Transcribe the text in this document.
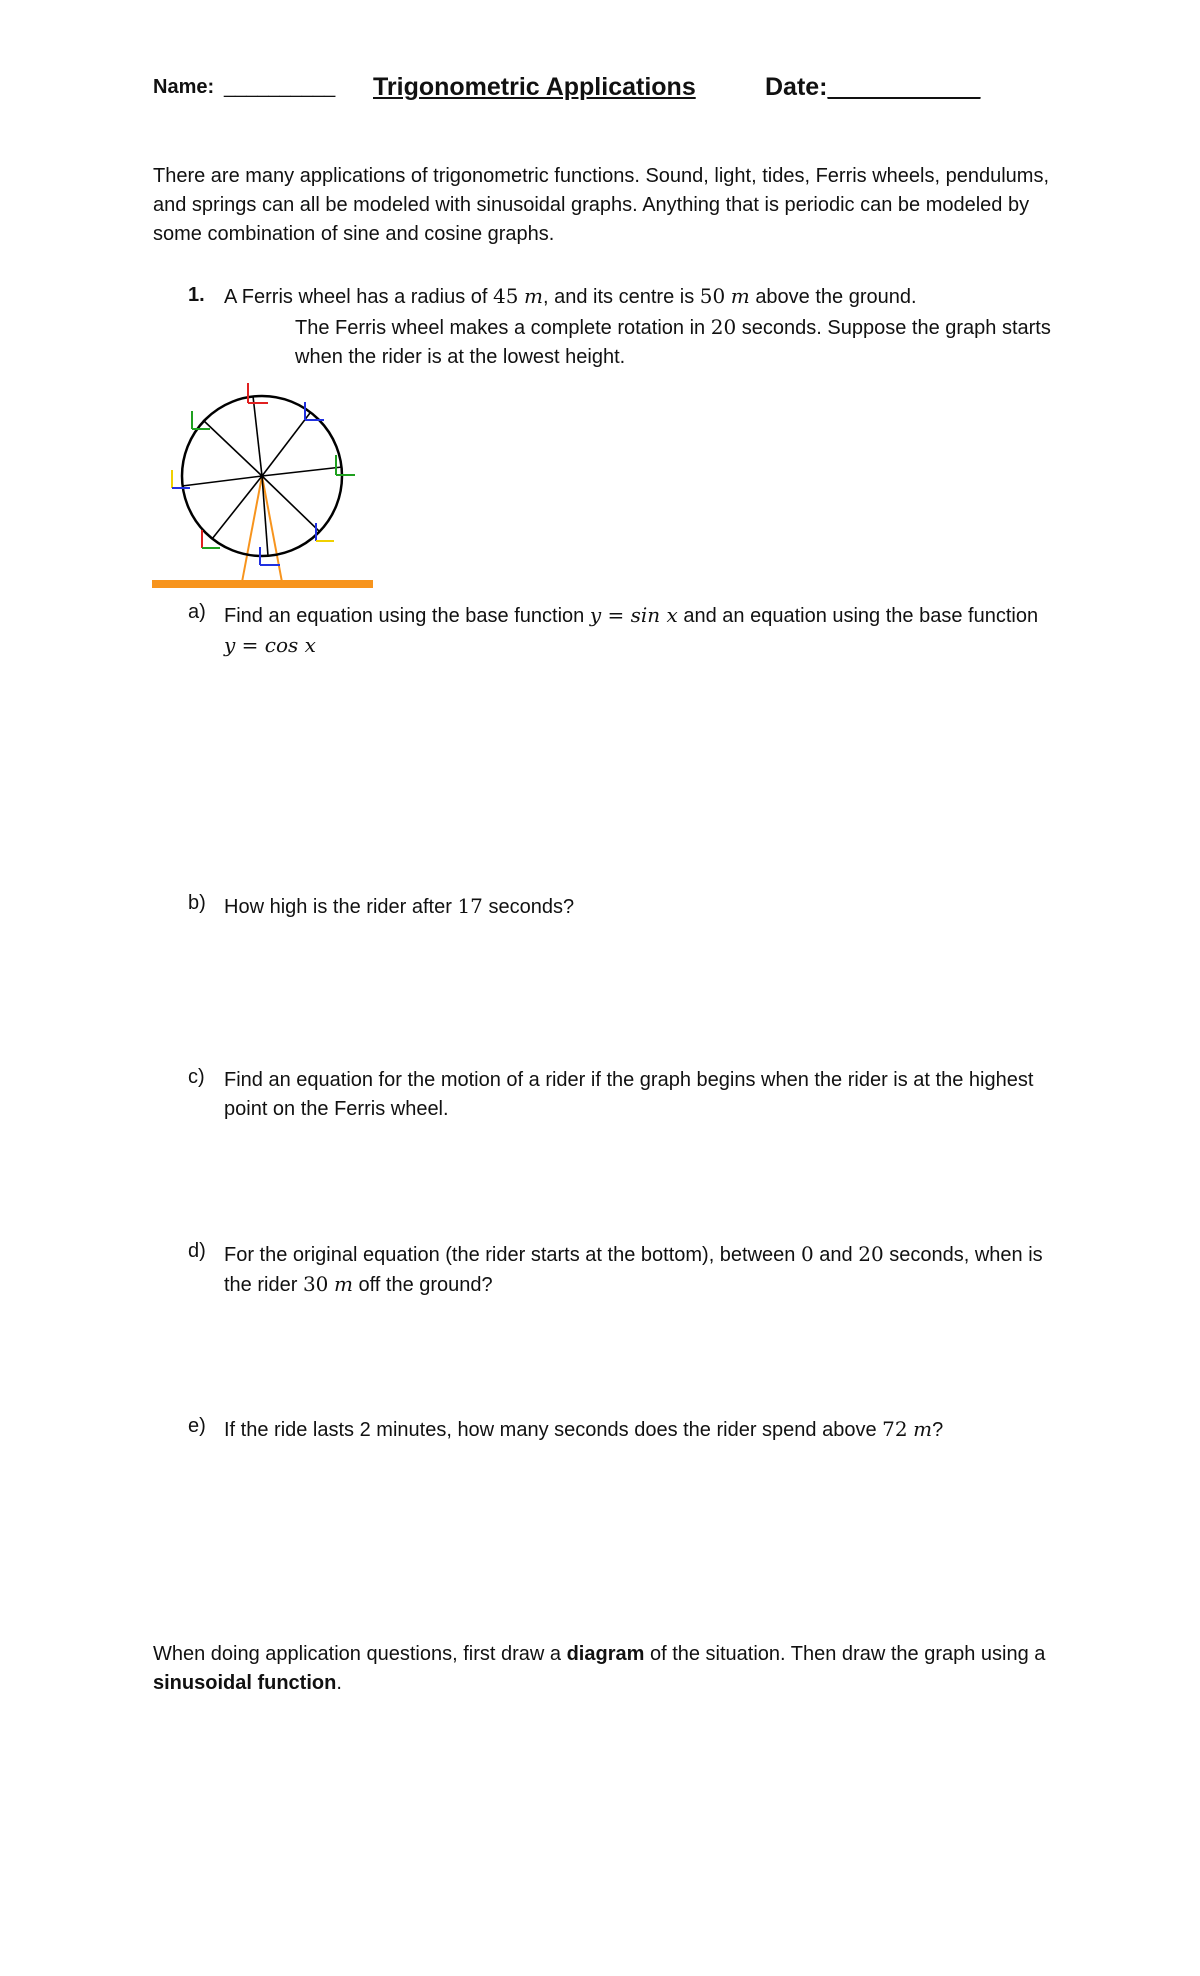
Name: __________ Trigonometric Applications	Date:___________
There are many applications of trigonometric functions. Sound, light, tides, Ferris wheels, pendulums, and springs can all be modeled with sinusoidal graphs. Anything that is periodic can be modeled by some combination of sine and cosine graphs.
1. A Ferris wheel has a radius of 45 m, and its centre is 50 m above the ground.
The Ferris wheel makes a complete rotation in 20 seconds. Suppose the graph starts when the rider is at the lowest height.
a) Find an equation using the base function y = sin x and an equation using the base function y = cos x
b) How high is the rider after 17 seconds?
c) Find an equation for the motion of a rider if the graph begins when the rider is at the highest point on the Ferris wheel.
d) For the original equation (the rider starts at the bottom), between 0 and 20 seconds, when is the rider 30 m off the ground?
e) If the ride lasts 2 minutes, how many seconds does the rider spend above 72 m?
When doing application questions, first draw a diagram of the situation. Then draw the graph using a sinusoidal function.
